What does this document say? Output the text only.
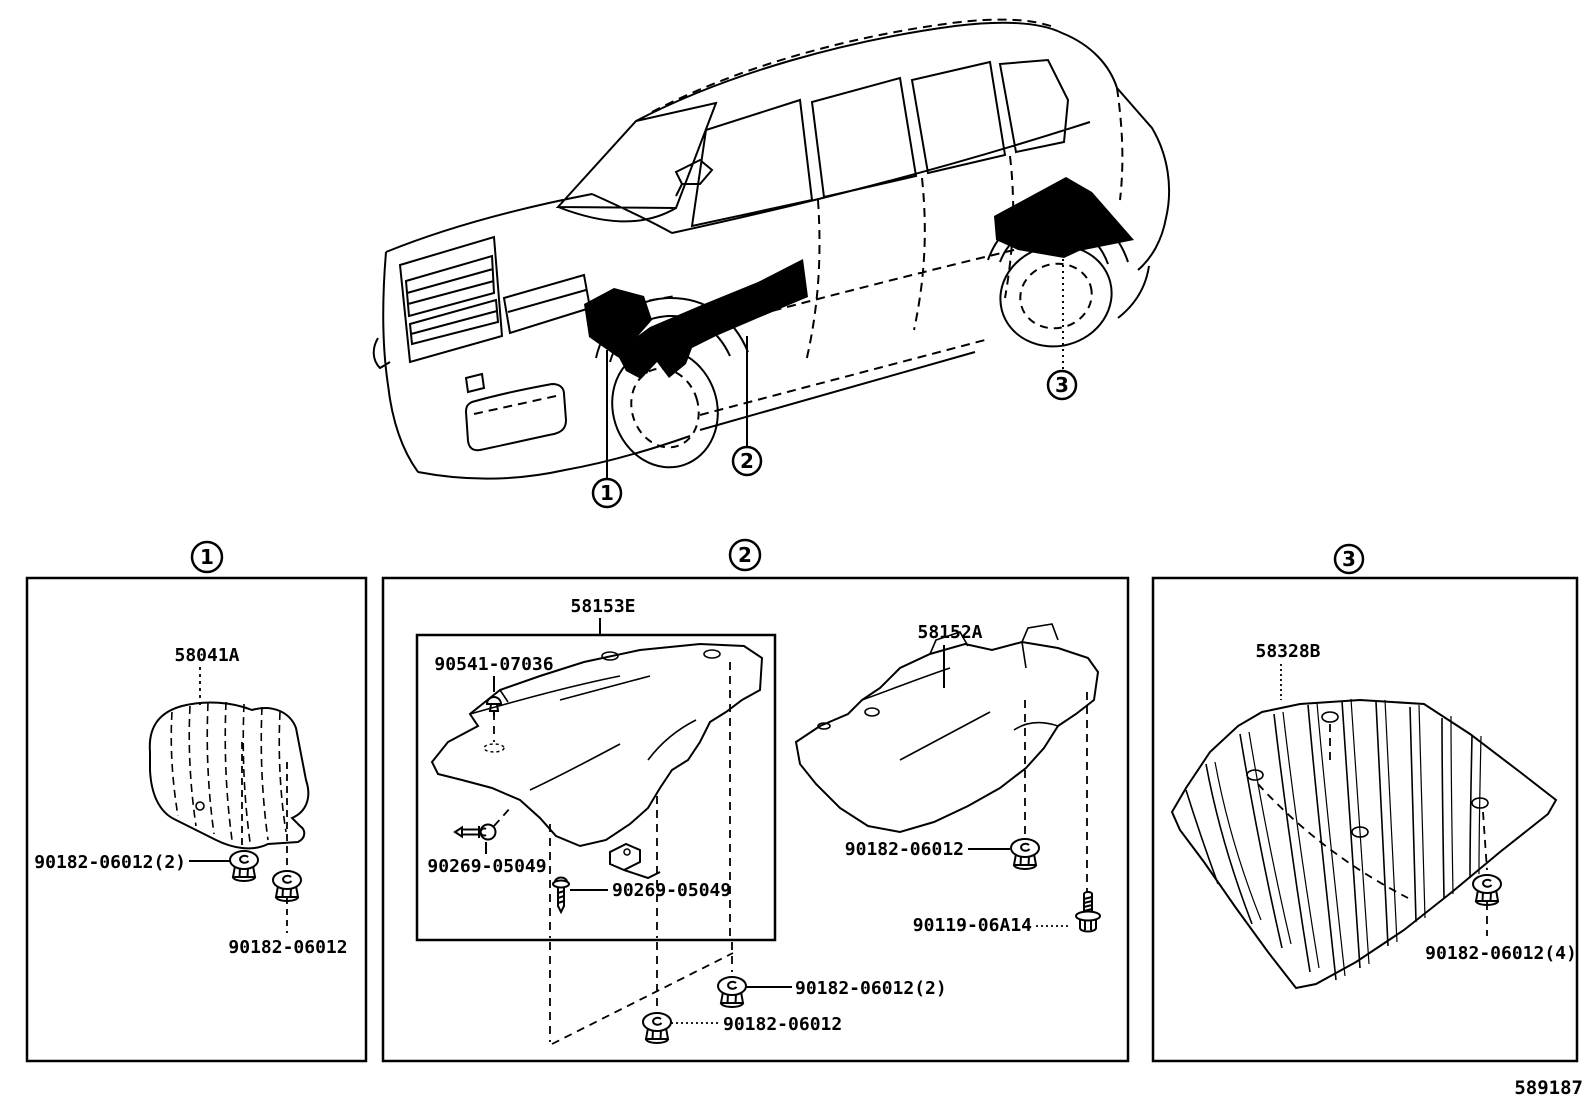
1
2
3
1
58041A
90182-06012(2)
90182-06012
2
58153E
90541-07036
90269-05049
90269-05049
58152A
90182-06012
90119-06A14
90182-06012(2)
90182-06012
3
58328B
90182-06012(4)
589187
